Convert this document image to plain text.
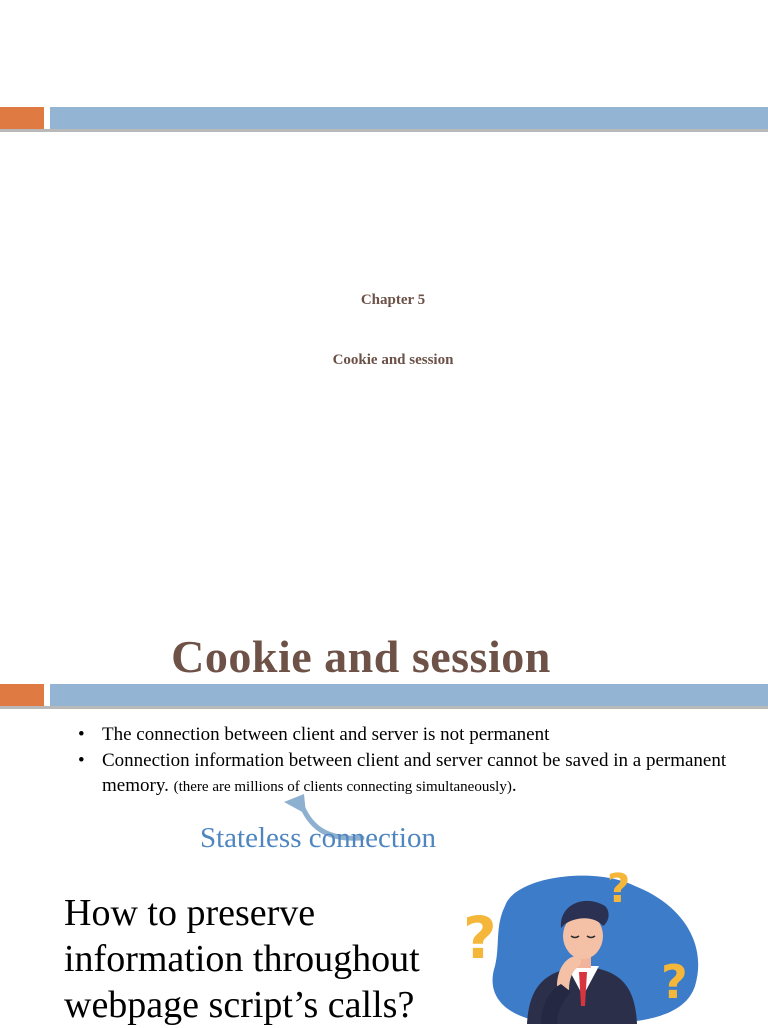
Chapter 5
Cookie and session
Cookie and session
• The connection between client and server is not permanent
• Connection information between client and server cannot be saved in a permanent memory. (there are millions of clients connecting simultaneously).
Stateless connection
How to preserve information throughout webpage script’s calls?
?
?
?
